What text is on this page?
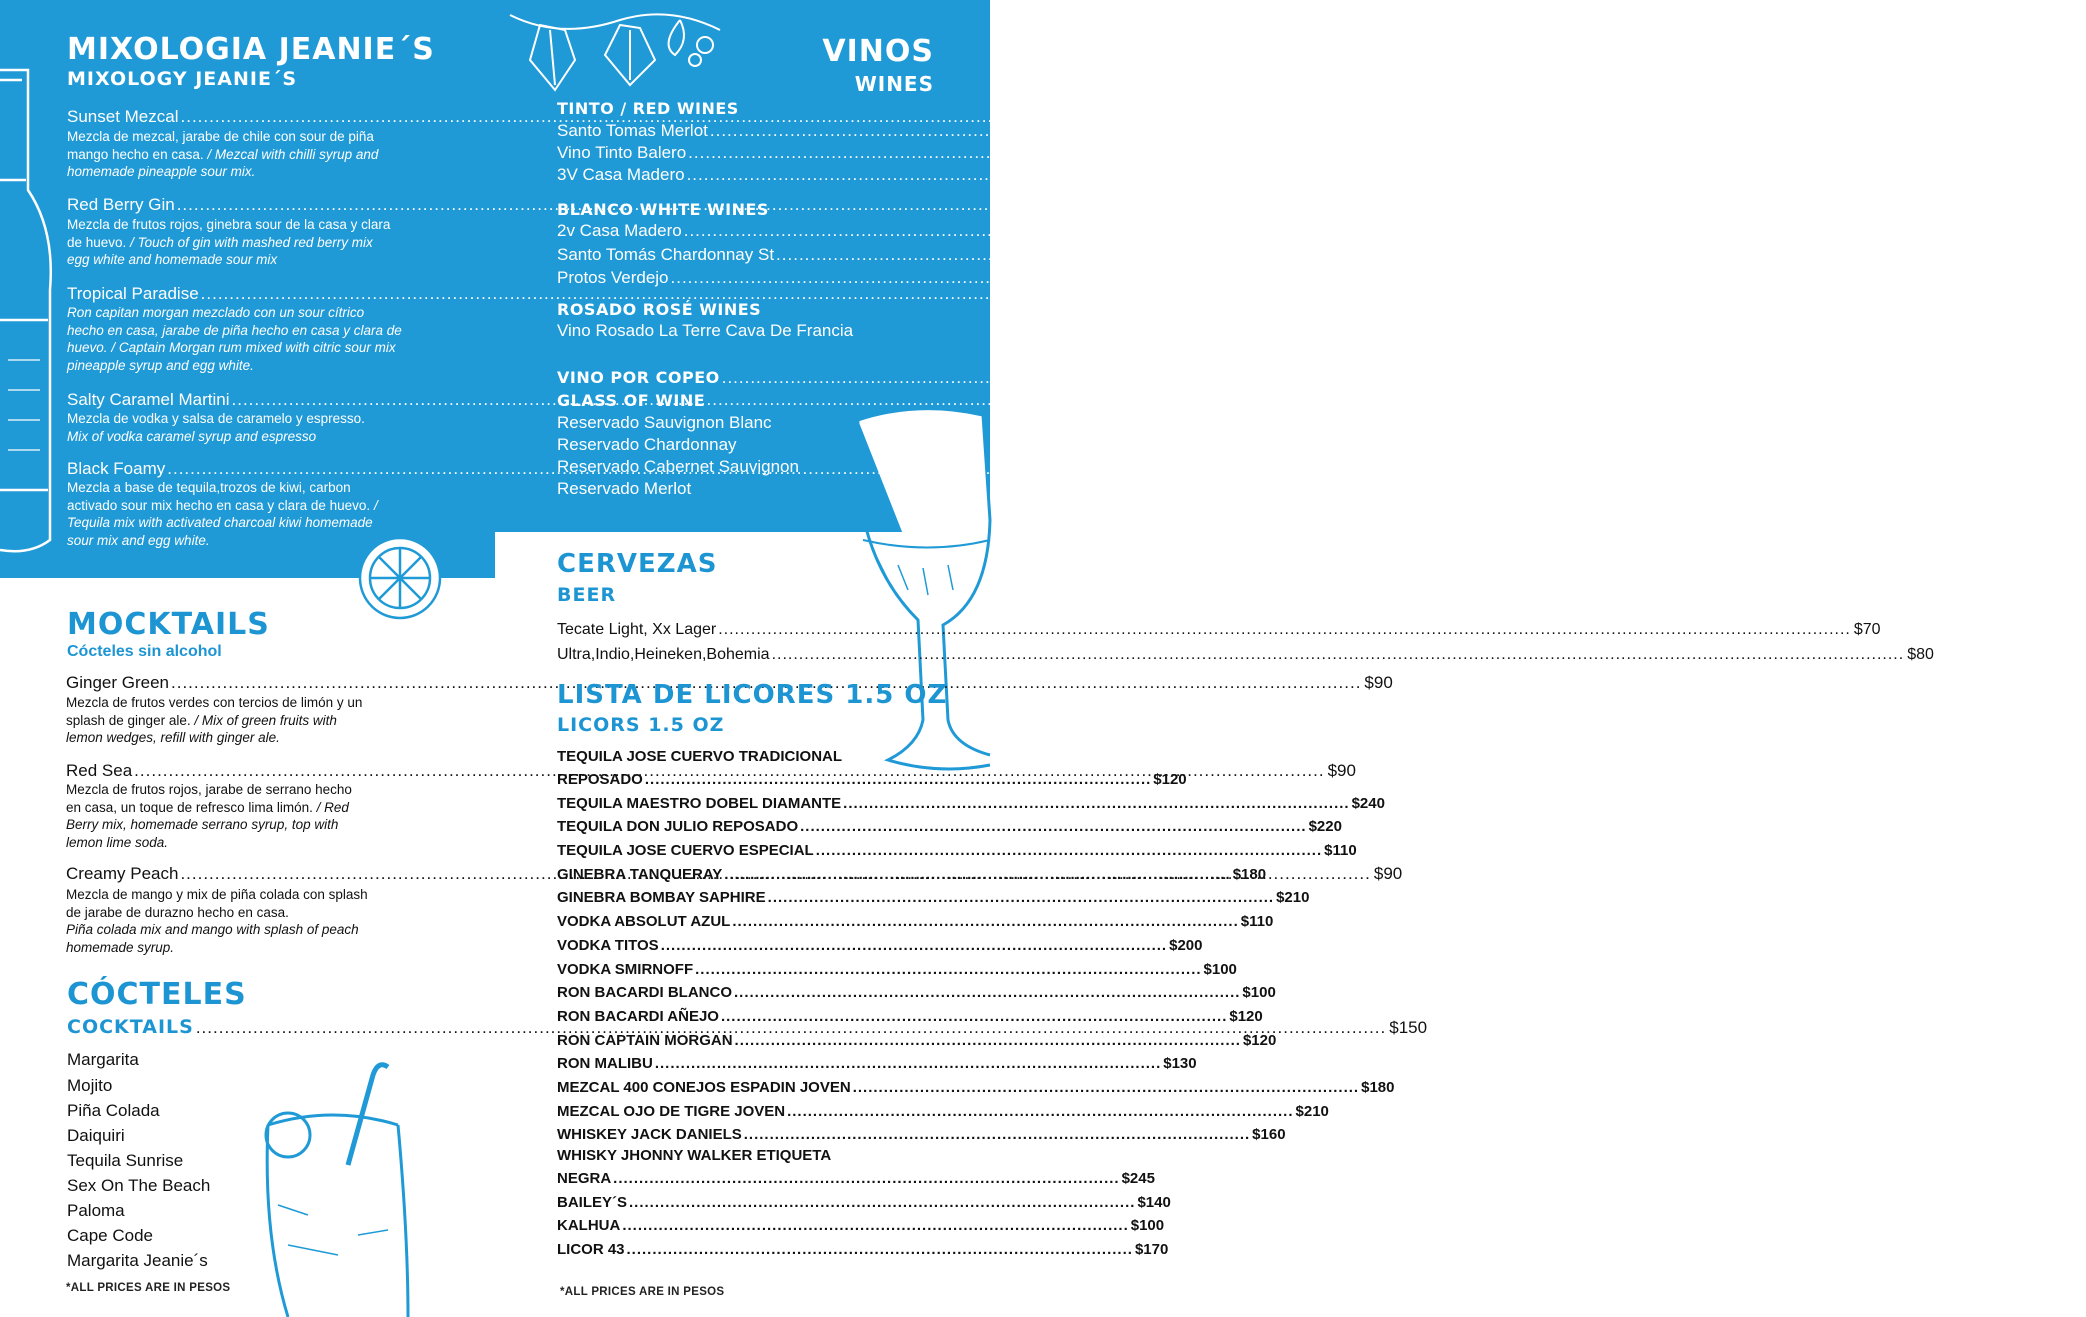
MIXOLOGIA JEANIE´S
MIXOLOGY JEANIE´S
Sunset Mezcal .....	$180
Mezcla de mezcal, jarabe de chile con sour de piña mango hecho en casa. / Mezcal with chilli syrup and homemade pineapple sour mix.
Red Berry Gin .....	$180
Mezcla de frutos rojos, ginebra sour de la casa y clara de huevo. / Touch of gin with mashed red berry mix egg white and homemade sour mix
Tropical Paradise .....	$180
Ron capitan morgan mezclado con un sour cítrico hecho en casa, jarabe de piña hecho en casa y clara de huevo. / Captain Morgan rum mixed with citric sour mix pineapple syrup and egg white.
Salty Caramel Martini .....	$180
Mezcla de vodka y salsa de caramelo y espresso.
Mix of vodka caramel syrup and espresso
Black Foamy .....	$180
Mezcla a base de tequila,trozos de kiwi, carbon activado sour mix hecho en casa y clara de huevo. / Tequila mix with activated charcoal kiwi homemade sour mix and egg white.
MOCKTAILS
Cócteles sin alcohol
Ginger Green .....	$90
Mezcla de frutos verdes con tercios de limón y un splash de ginger ale. / Mix of green fruits with lemon wedges, refill with ginger ale.
Red Sea .....	$90
Mezcla de frutos rojos, jarabe de serrano hecho en casa, un toque de refresco lima limón. / Red Berry mix, homemade serrano syrup, top with lemon lime soda.
Creamy Peach .....	$90
Mezcla de mango y mix de piña colada con splash de jarabe de durazno hecho en casa.
Piña colada mix and mango with splash of peach homemade syrup.
CÓCTELES
COCKTAILS .....	$150
Margarita
Mojito
Piña Colada
Daiquiri
Tequila Sunrise
Sex On The Beach
Paloma
Cape Code
Margarita Jeanie´s
*ALL PRICES ARE IN PESOS
VINOS
WINES
TINTO / RED WINES
Santo Tomas Merlot .....	$550
Vino Tinto Balero .....	$880
3V Casa Madero .....	$990
BLANCO WHITE WINES
2v Casa Madero .....	$750
Santo Tomás Chardonnay St .....	$550
Protos Verdejo .....	$745
ROSADO ROSÉ WINES
Vino Rosado La Terre Cava De Francia	$550
VINO POR COPEO .....	$150
GLASS OF WINE
Reservado Sauvignon Blanc
Reservado Chardonnay
Reservado Cabernet Sauvignon
Reservado Merlot
CERVEZAS
BEER
Tecate Light, Xx Lager .....	$70
Ultra,Indio,Heineken,Bohemia .....	$80
LISTA DE LICORES 1.5 OZ
LICORS 1.5 OZ
TEQUILA JOSE CUERVO TRADICIONAL
REPOSADO .................................................................................................. $120
TEQUILA MAESTRO DOBEL DIAMANTE .................................................................................................. $240
TEQUILA DON JULIO REPOSADO .................................................................................................. $220
TEQUILA JOSE CUERVO ESPECIAL .................................................................................................. $110
GINEBRA TANQUERAY .................................................................................................. $180
GINEBRA BOMBAY SAPHIRE .................................................................................................. $210
VODKA ABSOLUT AZUL .................................................................................................. $110
VODKA TITOS .................................................................................................. $200
VODKA SMIRNOFF .................................................................................................. $100
RON BACARDI BLANCO .................................................................................................. $100
RON BACARDI AÑEJO .................................................................................................. $120
RON CAPTAIN MORGAN .................................................................................................. $120
RON MALIBU .................................................................................................. $130
MEZCAL 400 CONEJOS ESPADIN JOVEN .................................................................................................. $180
MEZCAL OJO DE TIGRE JOVEN .................................................................................................. $210
WHISKEY JACK DANIELS .................................................................................................. $160
WHISKY JHONNY WALKER ETIQUETA
NEGRA .................................................................................................. $245
BAILEY´S .................................................................................................. $140
KALHUA .................................................................................................. $100
LICOR 43 .................................................................................................. $170
*ALL PRICES ARE IN PESOS
